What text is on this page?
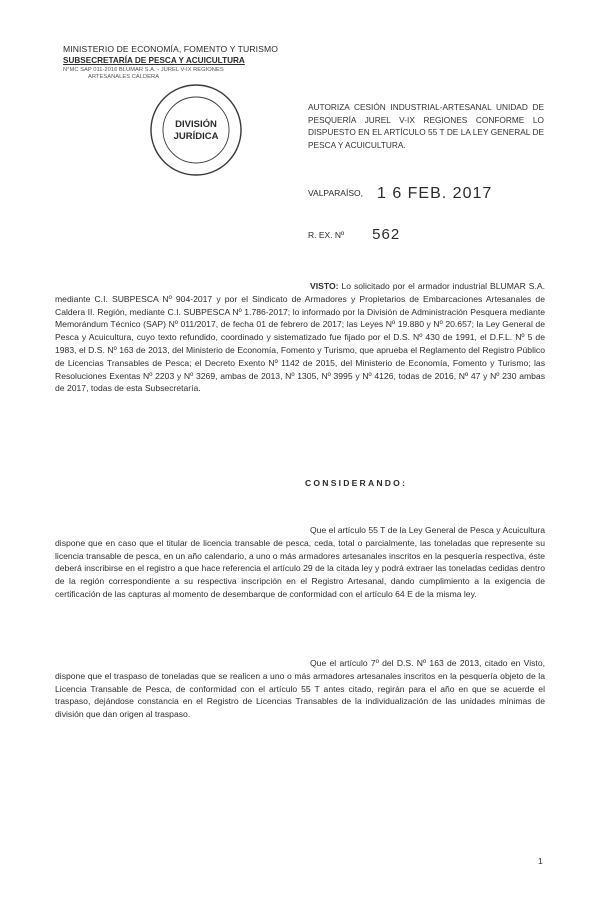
MINISTERIO DE ECONOMÍA, FOMENTO Y TURISMO
SUBSECRETARÍA DE PESCA Y ACUICULTURA
N°MC SAP 011-2016 BLUMAR S.A. - JUREL V-IX REGIONES
ARTESANALES CALDERA
DIVISIÓN
JURÍDICA
AUTORIZA CESIÓN INDUSTRIAL-ARTESANAL UNIDAD DE PESQUERÍA JUREL V-IX REGIONES CONFORME LO DISPUESTO EN EL ARTÍCULO 55 T DE LA LEY GENERAL DE PESCA Y ACUICULTURA.
VALPARAÍSO, 1 6 FEB. 2017
R. EX. Nº 562
VISTO: Lo solicitado por el armador industrial BLUMAR S.A. mediante C.I. SUBPESCA Nº 904-2017 y por el Sindicato de Armadores y Propietarios de Embarcaciones Artesanales de Caldera II. Región, mediante C.I. SUBPESCA Nº 1.786-2017; lo informado por la División de Administración Pesquera mediante Memorándum Técnico (SAP) Nº 011/2017, de fecha 01 de febrero de 2017; las Leyes Nº 19.880 y Nº 20.657; la Ley General de Pesca y Acuicultura, cuyo texto refundido, coordinado y sistematizado fue fijado por el D.S. Nº 430 de 1991, el D.F.L. Nº 5 de 1983, el D.S. Nº 163 de 2013, del Ministerio de Economía, Fomento y Turismo, que aprueba el Reglamento del Registro Público de Licencias Transables de Pesca; el Decreto Exento Nº 1142 de 2015, del Ministerio de Economía, Fomento y Turismo; las Resoluciones Exentas Nº 2203 y Nº 3269, ambas de 2013, Nº 1305, Nº 3995 y Nº 4126, todas de 2016, Nº 47 y Nº 230 ambas de 2017, todas de esta Subsecretaría.
CONSIDERANDO:
Que el artículo 55 T de la Ley General de Pesca y Acuicultura dispone que en caso que el titular de licencia transable de pesca, ceda, total o parcialmente, las toneladas que represente su licencia transable de pesca, en un año calendario, a uno o más armadores artesanales inscritos en la pesquería respectiva, éste deberá inscribirse en el registro a que hace referencia el artículo 29 de la citada ley y podrá extraer las toneladas cedidas dentro de la región correspondiente a su respectiva inscripción en el Registro Artesanal, dando cumplimiento a la exigencia de certificación de las capturas al momento de desembarque de conformidad con el artículo 64 E de la misma ley.
Que el artículo 7º del D.S. Nº 163 de 2013, citado en Visto, dispone que el traspaso de toneladas que se realicen a uno o más armadores artesanales inscritos en la pesquería objeto de la Licencia Transable de Pesca, de conformidad con el artículo 55 T antes citado, regirán para el año en que se acuerde el traspaso, dejándose constancia en el Registro de Licencias Transables de la individualización de las unidades mínimas de división que dan origen al traspaso.
1
